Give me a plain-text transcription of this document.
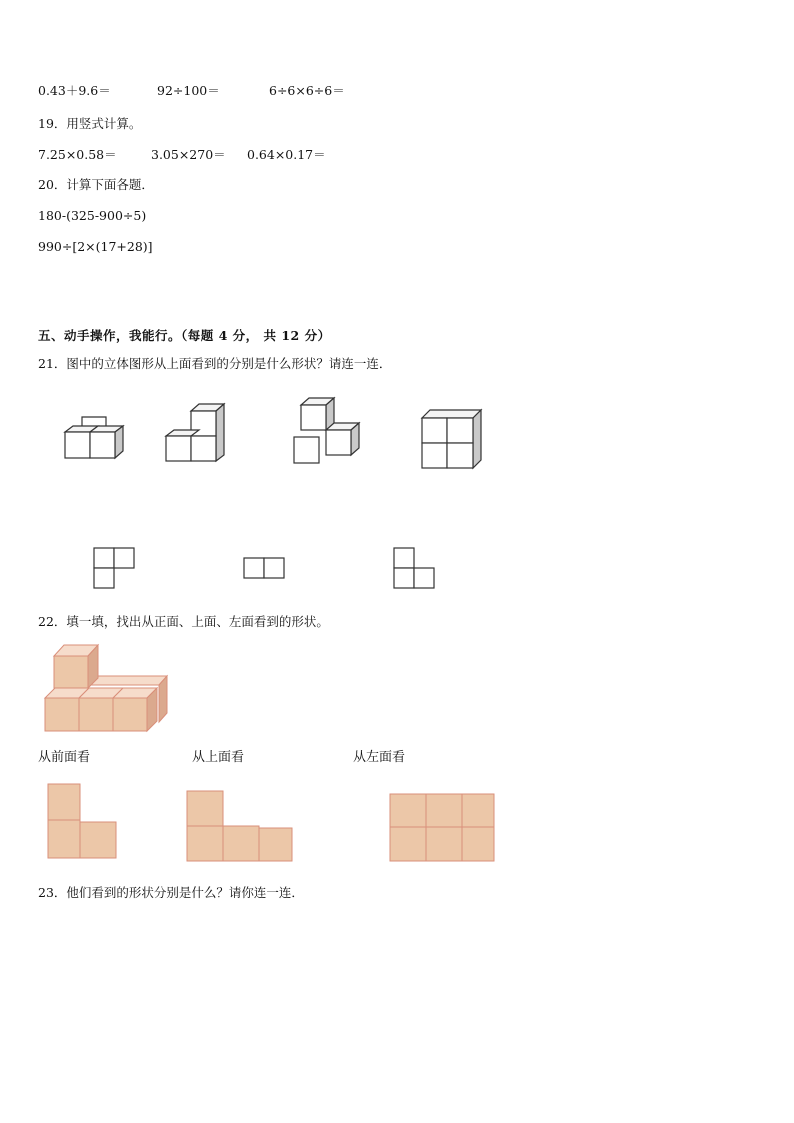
0.43＋9.6＝	92÷100＝	6÷6×6÷6＝
19．用竖式计算。
7.25×0.58＝	3.05×270＝ 0.64×0.17＝
20．计算下面各题．
180-(325-900÷5)
990÷[2×(17+28)]
五、动手操作，我能行。（每题 4 分， 共 12 分）
21．图中的立体图形从上面看到的分别是什么形状？请连一连．
22．填一填，找出从正面、上面、左面看到的形状。
从前面看	从上面看	从左面看
23．他们看到的形状分别是什么？请你连一连．
